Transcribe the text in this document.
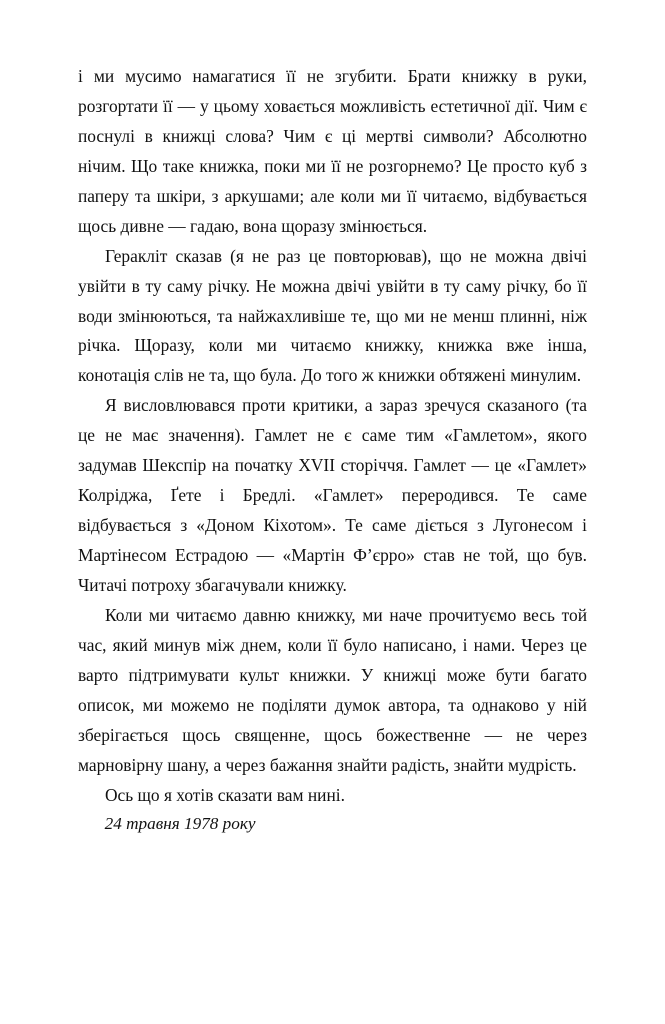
і ми мусимо намагатися її не згубити. Брати книжку в руки, розгортати її — у цьому ховається можливість естетичної дії. Чим є поснулі в книжці слова? Чим є ці мертві символи? Абсолютно нічим. Що таке книжка, поки ми її не розгорнемо? Це просто куб з паперу та шкіри, з аркушами; але коли ми її читаємо, відбувається щось дивне — гадаю, вона щоразу змінюється.

Геракліт сказав (я не раз це повторював), що не можна двічі увійти в ту саму річку. Не можна двічі увійти в ту саму річку, бо її води змінюються, та найжахливіше те, що ми не менш плинні, ніж річка. Щоразу, коли ми читаємо книжку, книжка вже інша, конотація слів не та, що була. До того ж книжки обтяжені минулим.

Я висловлювався проти критики, а зараз зречуся сказаного (та це не має значення). Гамлет не є саме тим «Гамлетом», якого задумав Шекспір на початку XVII сторіччя. Гамлет — це «Гамлет» Колріджа, Ґете і Бредлі. «Гамлет» переродився. Те саме відбувається з «Доном Кіхотом». Те саме діється з Лугонесом і Мартінесом Естрадою — «Мартін Ф’єрро» став не той, що був. Читачі потроху збагачували книжку.

Коли ми читаємо давню книжку, ми наче прочитуємо весь той час, який минув між днем, коли її було написано, і нами. Через це варто підтримувати культ книжки. У книжці може бути багато описок, ми можемо не поділяти думок автора, та однаково у ній зберігається щось священне, щось божественне — не через марновірну шану, а через бажання знайти радість, знайти мудрість.

Ось що я хотів сказати вам нині.

24 травня 1978 року
